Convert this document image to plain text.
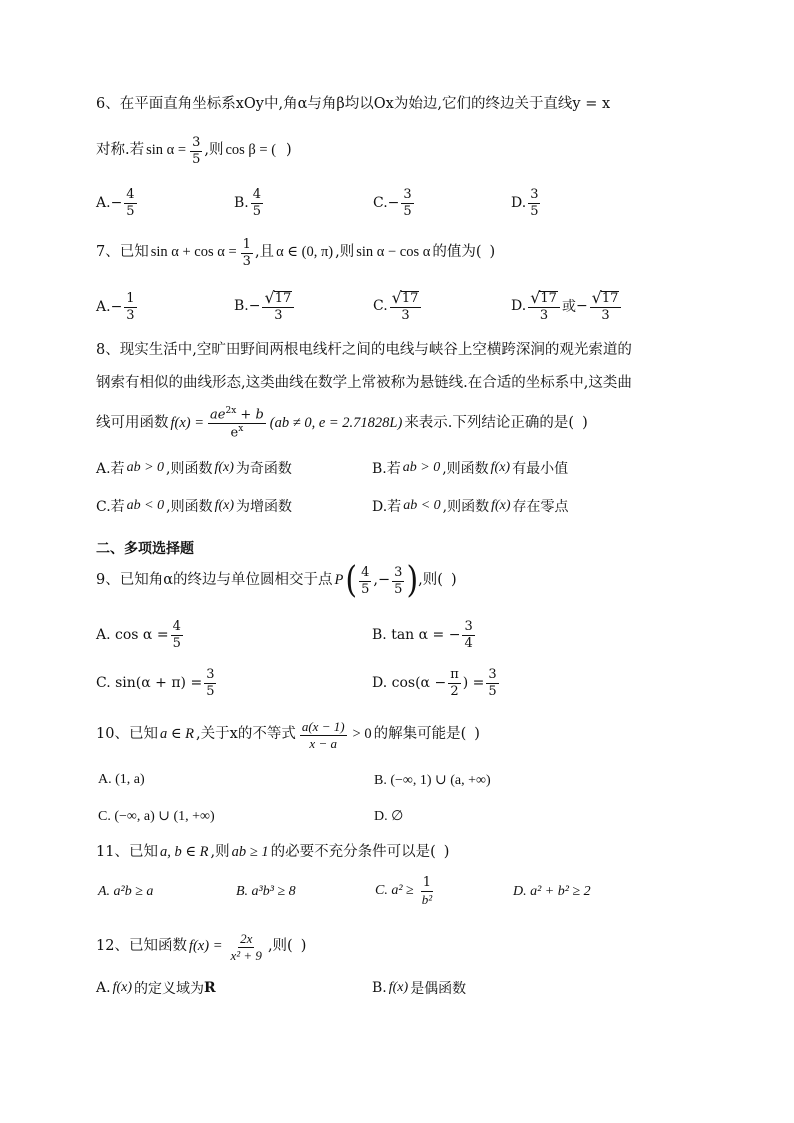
6、在平面直角坐标系xOy中,角α与角β均以Ox为始边,它们的终边关于直线y = x
对称.若 $\sin \alpha = \frac{3}{5}$ ,则 cos β = ( )
A. − $\frac{4}{5}$	B. $\frac{4}{5}$	C. − $\frac{3}{5}$	D. $\frac{3}{5}$
7、已知 $\sin \alpha + \cos \alpha = \frac{1}{3}$ ,且 α ∈ (0, π) ,则 sin α − cos α 的值为( )
A. − $\frac{1}{3}$	B. − $\frac{√ 17}{3}$	C. $\frac{√ 17}{3}$	D. $\frac{√ 17}{3}$ 或 − $\frac{√ 17}{3}$
8、现实生活中,空旷田野间两根电线杆之间的电线与峡谷上空横跨深涧的观光索道的
钢索有相似的曲线形态,这类曲线在数学上常被称为悬链线.在合适的坐标系中,这类曲
线可用函数 $f(x) = \frac{ae^{2x} + b}{e^x} (ab \ne 0$, e = 2.71828L) 来表示.下列结论正确的是( )
A.若 ab > 0 ,则函数 f(x) 为奇函数	B.若 ab > 0 ,则函数 f(x) 有最小值
C.若 ab < 0 ,则函数 f(x) 为增函数	D.若 ab < 0 ,则函数 f(x) 存在零点
二、多项选择题
9、已知角α的终边与单位圆相交于点 P ( $\frac{4}{5}$ ,− $\frac{3}{5}$ ) ,则( )
A. $\cos \alpha = \frac{4}{5}$	B. tan α = − $\frac{3}{4}$
C. $\sin(\alpha + \pi) = \frac{3}{5}$	D. $\cos(\alpha - \frac{\pi}{2}$ ) = $\frac{3}{5}$
10、已知 a ∈ R ,关于x的不等式 $\frac{a(x - 1)}{x - a} > 0$ 的解集可能是( )
A. (1, a)	B. (−∞, 1) ∪ (a, +∞)
C. (−∞, a) ∪ (1, +∞)	D. ∅
11、已知 a, b ∈ R ,则 ab ≥ 1 的必要不充分条件可以是( )
A. a²b ≥ a	B. a³b³ ≥ 8	C. $a^2 \ge \frac{1}{\text{b²}}$	D. a² + b² ≥ 2
12、已知函数 $f(x) = \frac{2x}{\text{x² + 9}}$ ,则( )
A. f(x) 的定义域为 R	B. f(x) 是偶函数
